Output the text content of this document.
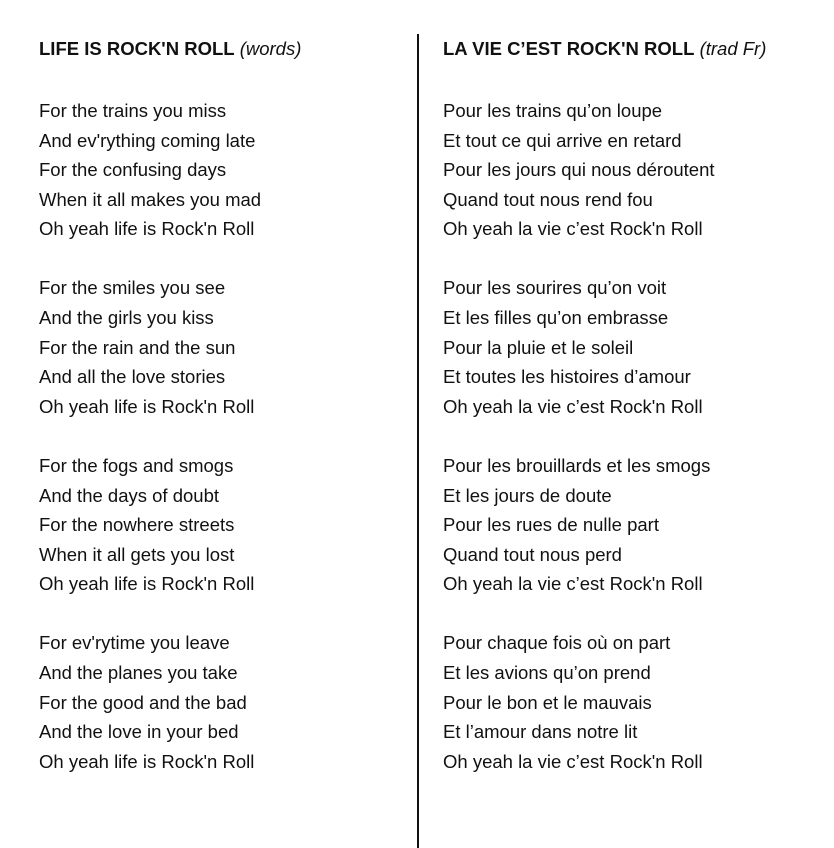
LIFE IS ROCK'N ROLL (words)
For the trains you miss
And ev'rything coming late
For the confusing days
When it all makes you mad
Oh yeah life is Rock'n Roll
For the smiles you see
And the girls you kiss
For the rain and the sun
And all the love stories
Oh yeah life is Rock'n Roll
For the fogs and smogs
And the days of doubt
For the nowhere streets
When it all gets you lost
Oh yeah life is Rock'n Roll
For ev'rytime you leave
And the planes you take
For the good and the bad
And the love in your bed
Oh yeah life is Rock'n Roll
LA VIE C’EST ROCK'N ROLL (trad Fr)
Pour les trains qu’on loupe
Et tout ce qui arrive en retard
Pour les jours qui nous déroutent
Quand tout nous rend fou
Oh yeah la vie c’est Rock'n Roll
Pour les sourires qu’on voit
Et les filles qu’on embrasse
Pour la pluie et le soleil
Et toutes les histoires d’amour
Oh yeah la vie c’est Rock'n Roll
Pour les brouillards et les smogs
Et les jours de doute
Pour les rues de nulle part
Quand tout nous perd
Oh yeah la vie c’est Rock'n Roll
Pour chaque fois où on part
Et les avions qu’on prend
Pour le bon et le mauvais
Et l’amour dans notre lit
Oh yeah la vie c’est Rock'n Roll
